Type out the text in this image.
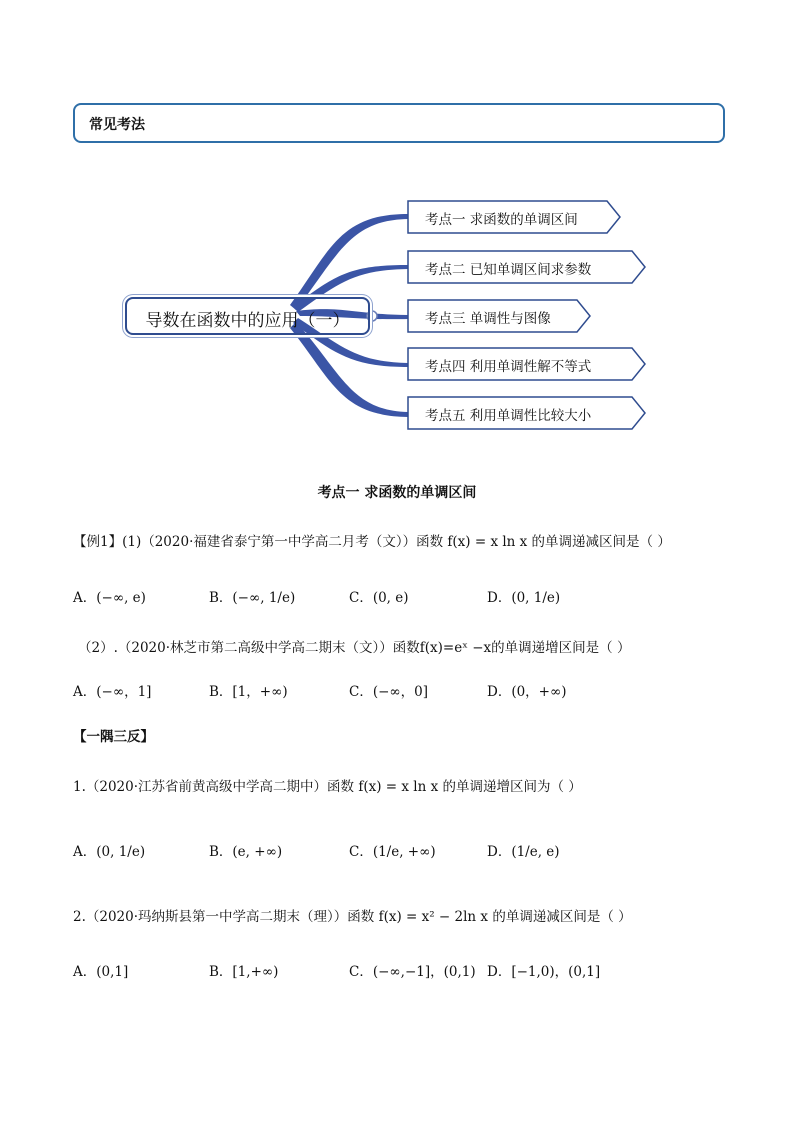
常见考法
导数在函数中的应用（一）
考点一 求函数的单调区间
考点二 已知单调区间求参数
考点三 单调性与图像
考点四 利用单调性解不等式
考点五 利用单调性比较大小
考点一 求函数的单调区间
【例1】(1)（2020·福建省泰宁第一中学高二月考（文））函数 f(x) = x ln x 的单调递减区间是（ ）
A．(−∞, e)	B．(−∞, 1/e)	C．(0, e)	D．(0, 1/e)
（2）.（2020·林芝市第二高级中学高二期末（文））函数f(x)=eˣ −x的单调递增区间是（ ）
A．(−∞，1]	B．[1，+∞)	C．(−∞，0]	D．(0，+∞)
【一隅三反】
1.（2020·江苏省前黄高级中学高二期中）函数 f(x) = x ln x 的单调递增区间为（ ）
A．(0, 1/e)	B．(e, +∞)	C．(1/e, +∞)	D．(1/e, e)
2.（2020·玛纳斯县第一中学高二期末（理））函数 f(x) = x² − 2ln x 的单调递减区间是（ ）
A．(0,1]	B．[1,+∞)	C．(−∞,−1]，(0,1) D．[−1,0)，(0,1]
